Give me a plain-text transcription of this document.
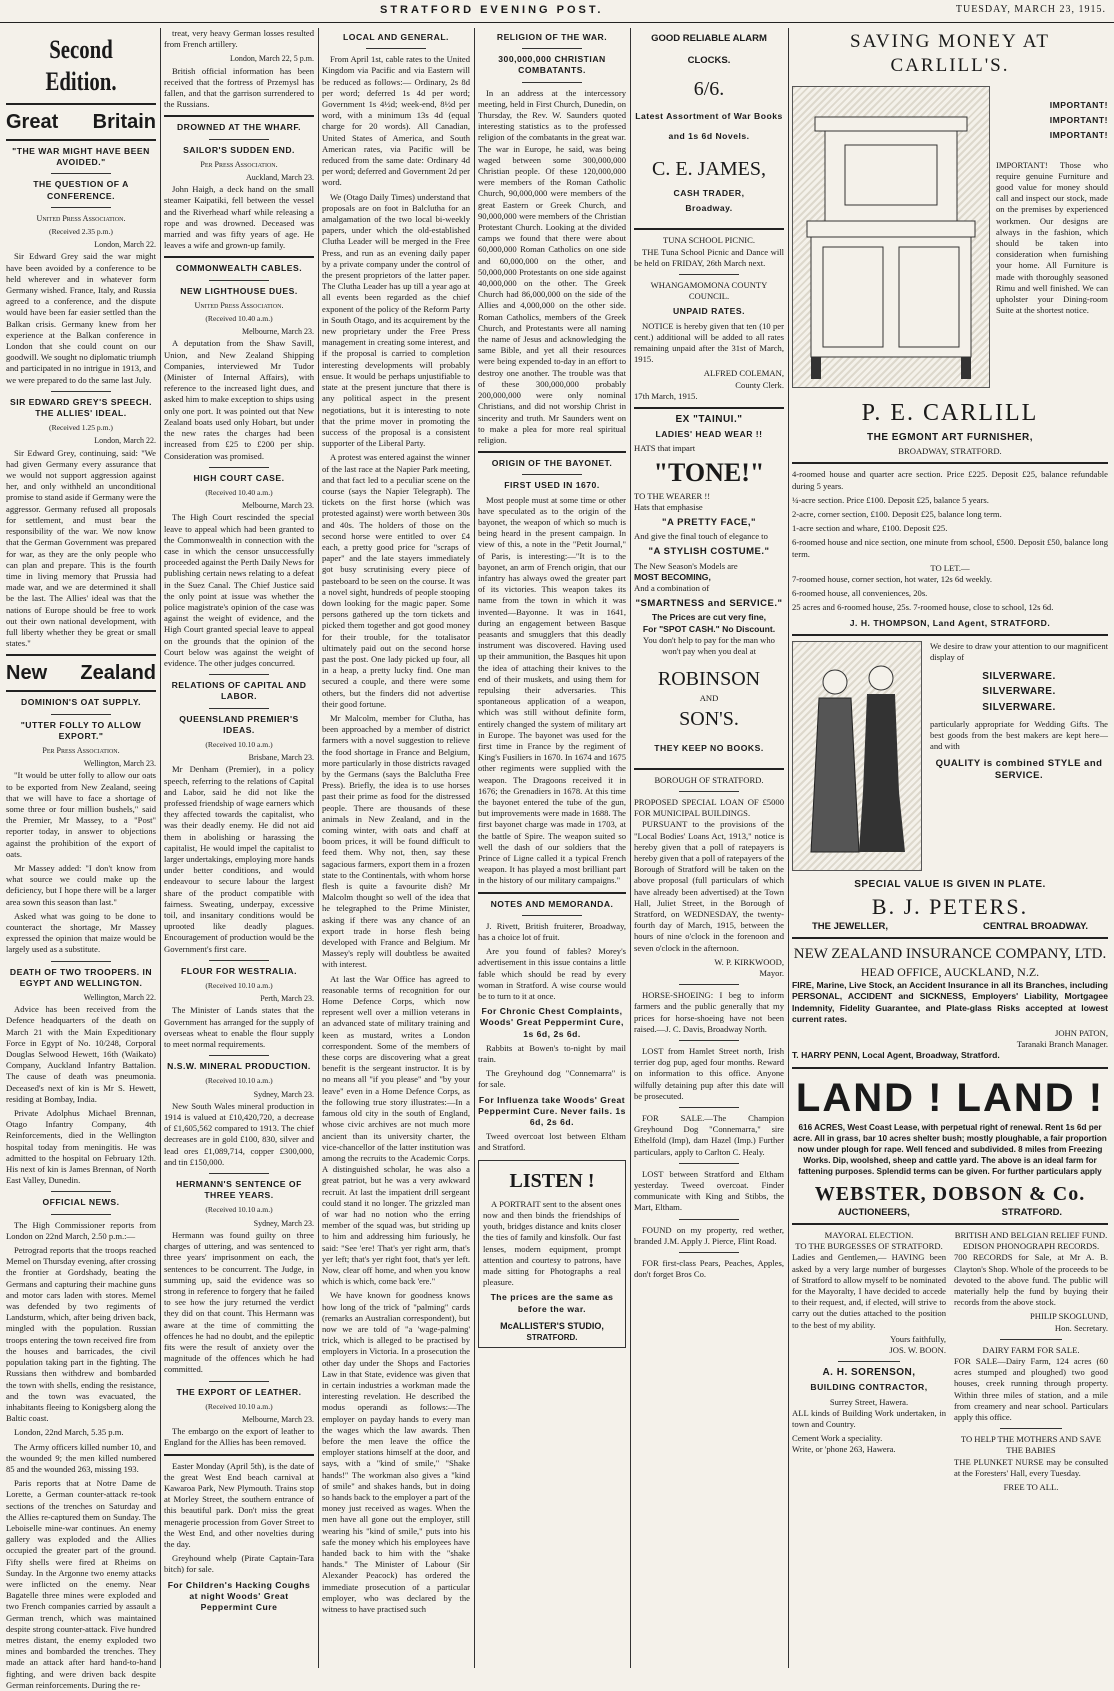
STRATFORD EVENING POST.	TUESDAY, MARCH 23, 1915.
Second Edition.
Great Britain
"THE WAR MIGHT HAVE BEEN AVOIDED."
THE QUESTION OF A CONFERENCE.
United Press Association.
(Received 2.35 p.m.)
London, March 22.

Sir Edward Grey said the war might have been avoided by a conference to be held wherever and in whatever form Germany wished. France, Italy, and Russia agreed to a conference, and the dispute would have been far easier settled than the Balkan crisis. Germany knew from her experience at the Balkan conference in London that she could count on our goodwill. We sought no diplomatic triumph and participated in no intrigue in 1913, and we were prepared to do the same last July.

SIR EDWARD GREY'S SPEECH. THE ALLIES' IDEAL.
(Received 1.25 p.m.)
London, March 22.

Sir Edward Grey, continuing, said: "We had given Germany every assurance that we would not support aggression against her, and only withheld an unconditional promise to stand aside if Germany were the aggressor. Germany refused all proposals for settlement, and must bear the responsibility of the war. We now know that the German Government was prepared for war, as they are the only people who can plan and prepare. This is the fourth time in living memory that Prussia had made war, and we are determined it shall be the last. The Allies' ideal was that the nations of Europe should be free to work out their own national development, with full liberty whether they be great or small states."

New Zealand
DOMINION'S OAT SUPPLY.
"UTTER FOLLY TO ALLOW EXPORT."
Per Press Association.
Wellington, March 23.

"It would be utter folly to allow our oats to be exported from New Zealand, seeing that we will have to face a shortage of some three or four million bushels," said the Premier, Mr Massey, to a "Post" reporter today, in answer to objections against the prohibition of the export of oats.

Mr Massey added: "I don't know from what source we could make up the deficiency, but I hope there will be a larger area sown this season than last."

Asked what was going to be done to counteract the shortage, Mr Massey expressed the opinion that maize would be largely used as a substitute.

DEATH OF TWO TROOPERS. IN EGYPT AND WELLINGTON.
Wellington, March 22.

Advice has been received from the Defence headquarters of the death on March 21 with the Main Expeditionary Force in Egypt of No. 10/248, Corporal Douglas Selwood Hewett, 16th (Waikato) Company, Auckland Infantry Battalion. The cause of death was pneumonia. Deceased's next of kin is Mr S. Hewett, residing at Bombay, India.

Private Adolphus Michael Brennan, Otago Infantry Company, 4th Reinforcements, died in the Wellington hospital today from meningitis. He was admitted to the hospital on February 12th. His next of kin is James Brennan, of North East Valley, Dunedin.

OFFICIAL NEWS.

The High Commissioner reports from London on 22nd March, 2.50 p.m.:—

Petrograd reports that the troops reached Memel on Thursday evening, after crossing the frontier at Gordshady, beating the Germans and capturing their machine guns and motor cars laden with stores. Memel was defended by two regiments of Landsturm, which, after being driven back, mingled with the population. Russian troops entering the town received fire from the houses and barricades, the civil population taking part in the fighting. The Russians then withdrew and bombarded the town with shells, ending the resistance, and the town was evacuated, the inhabitants fleeing to Konigsberg along the Baltic coast.

London, 22nd March, 5.35 p.m.

The Army officers killed number 10, and the wounded 9; the men killed numbered 85 and the wounded 263, missing 193.

Paris reports that at Notre Dame de Lorette, a German counter-attack re-took sections of the trenches on Saturday and the Allies re-captured them on Sunday. The Leboiselle mine-war continues. An enemy gallery was exploded and the Allies occupied the greater part of the ground. Fifty shells were fired at Rheims on Sunday. In the Argonne two enemy attacks were inflicted on the enemy. Near Bagatelle three mines were exploded and two French companies carried by assault a German trench, which was maintained despite strong counter-attack. Five hundred metres distant, the enemy exploded two mines and bombarded the trenches. They made an attack after hard hand-to-hand fighting, and were driven back despite German reinforcements. During the re-

treat, very heavy German losses resulted from French artillery.

London, March 22, 5 p.m.

British official information has been received that the fortress of Przemysl has fallen, and that the garrison surrendered to the Russians.

DROWNED AT THE WHARF.
SAILOR'S SUDDEN END.
Per Press Association.
Auckland, March 23.

John Haigh, a deck hand on the small steamer Kaipatiki, fell between the vessel and the Riverhead wharf while releasing a rope and was drowned. Deceased was married and was fifty years of age. He leaves a wife and grown-up family.

COMMONWEALTH CABLES.
NEW LIGHTHOUSE DUES.
United Press Association.
(Received 10.40 a.m.)
Melbourne, March 23.

A deputation from the Shaw Savill, Union, and New Zealand Shipping Companies, interviewed Mr Tudor (Minister of Internal Affairs), with reference to the increased light dues, and asked him to make exception to ships using only one port. It was pointed out that New Zealand boats used only Hobart, but under the new rates the charges had been increased from £25 to £200 per ship. Consideration was promised.

HIGH COURT CASE.
(Received 10.40 a.m.)
Melbourne, March 23.

The High Court rescinded the special leave to appeal which had been granted to the Commonwealth in connection with the case in which the censor unsuccessfully proceeded against the Perth Daily News for publishing certain news relating to a defeat in the Suez Canal. The Chief Justice said the only point at issue was whether the police magistrate's opinion of the case was against the weight of evidence, and the High Court granted special leave to appeal on the grounds that the opinion of the Court below was against the weight of evidence. The other judges concurred.

RELATIONS OF CAPITAL AND LABOR.
QUEENSLAND PREMIER'S IDEAS.
(Received 10.10 a.m.)
Brisbane, March 23.

Mr Denham (Premier), in a policy speech, referring to the relations of Capital and Labor, said he did not like the professed friendship of wage earners which they affected towards the capitalist, who was their deadly enemy. He did not aid them in abolishing or harassing the capitalist, He would impel the capitalist to larger undertakings, employing more hands under better conditions, and would endeavour to secure labour the largest share of the product compatible with fairness. Sweating, underpay, excessive toil, and insanitary conditions would be uprooted like deadly plagues. Encouragement of production would be the Government's first care.

FLOUR FOR WESTRALIA.
(Received 10.10 a.m.)
Perth, March 23.

The Minister of Lands states that the Government has arranged for the supply of overseas wheat to enable the flour supply to meet normal requirements.

N.S.W. MINERAL PRODUCTION.
(Received 10.10 a.m.)
Sydney, March 23.

New South Wales mineral production in 1914 is valued at £10,420,720, a decrease of £1,605,562 compared to 1913. The chief decreases are in gold £100, 830, silver and lead ores £1,089,714, copper £300,000, and tin £150,000.

HERMANN'S SENTENCE OF THREE YEARS.
(Received 10.10 a.m.)
Sydney, March 23.

Hermann was found guilty on three charges of uttering, and was sentenced to three years' imprisonment on each, the sentences to be concurrent. The Judge, in summing up, said the evidence was so strong in reference to forgery that he failed to see how the jury returned the verdict they did on that count. This Hermann was aware at the time of committing the offences he had no doubt, and the epileptic fits were the result of anxiety over the magnitude of the offences which he had committed.

THE EXPORT OF LEATHER.
(Received 10.10 a.m.)
Melbourne, March 23.

The embargo on the export of leather to England for the Allies has been removed.

Easter Monday (April 5th), is the date of the great West End beach carnival at Kawaroa Park, New Plymouth. Trains stop at Morley Street, the southern entrance of this beautiful park. Don't miss the great menagerie procession from Gover Street to the West End, and other novelties during the day.

Greyhound whelp (Pirate Captain-Tara bitch) for sale.

For Children's Hacking Coughs at night Woods' Great Peppermint Cure
LOCAL AND GENERAL.

From April 1st, cable rates to the United Kingdom via Pacific and via Eastern will be reduced as follows:— Ordinary, 2s 8d per word; deferred 1s 4d per word; Government 1s 4½d; week-end, 8½d per word, with a minimum 13s 4d (equal charge for 20 words). All Canadian, United States of America, and South American rates, via Pacific will be reduced from the same date: Ordinary 4d per word; deferred and Government 2d per word.

We (Otago Daily Times) understand that proposals are on foot in Balclutha for an amalgamation of the two local bi-weekly papers, under which the old-established Clutha Leader will be merged in the Free Press, and run as an evening daily paper by a private company under the control of the present proprietors of the latter paper. The Clutha Leader has up till a year ago at all events been regarded as the chief exponent of the policy of the Reform Party in South Otago, and its acquirement by the new proprietary under the Free Press management in creating some interest, and if the proposal is carried to completion interesting developments will probably ensue. It would be perhaps unjustifiable to state at the present juncture that there is any political aspect in the present negotiations, but it is interesting to note that the prime mover in promoting the success of the proposal is a consistent supporter of the Liberal Party.

A protest was entered against the winner of the last race at the Napier Park meeting, and that fact led to a peculiar scene on the course (says the Napier Telegraph). The tickets on the first horse (which was protested against) were worth between 30s and 40s. The holders of those on the second horse were entitled to over £4 each, a pretty good price for "scraps of paper" and the late stayers immediately got busy scrutinising every piece of pasteboard to be seen on the course. It was a novel sight, hundreds of people stooping down looking for the magic paper. Some persons gathered up the torn tickets and picked them together and got good money for their trouble, for the totalisator ultimately paid out on the second horse past the post. One lady picked up four, all in a heap, a pretty lucky find. One man secured a couple, and there were some others, but the finders did not advertise their good fortune.

Mr Malcolm, member for Clutha, has been approached by a member of district farmers with a novel suggestion to relieve the food shortage in France and Belgium, more particularly in those districts ravaged by the Germans (says the Balclutha Free Press). Briefly, the idea is to use horses past their prime as food for the distressed people. There are thousands of these animals in New Zealand, and in the coming winter, with oats and chaff at boom prices, it will be found difficult to feed them. Why not, then, say these sagacious farmers, export them in a frozen state to the Continentals, with whom horse flesh is quite a favourite dish? Mr Malcolm thought so well of the idea that he telegraphed to the Prime Minister, asking if there was any chance of an export trade in horse flesh being developed with France and Belgium. Mr Massey's reply will doubtless be awaited with interest.

At last the War Office has agreed to reasonable terms of recognition for our Home Defence Corps, which now represent well over a million veterans in an advanced state of military training and keen as mustard, writes a London correspondent. Some of the members of these corps are discovering what a great benefit is the sergeant instructor. It is by no means all "if you please" and "by your leave" even in a Home Defence Corps, as the following true story illustrates:—In a famous old city in the south of England, whose civic archives are not much more ancient than its university charter, the vice-chancellor of the latter institution was among the recruits to the Academic Corps. A distinguished scholar, he was also a great patriot, but he was a very awkward recruit. At last the impatient drill sergeant could stand it no longer. The grizzled man of war had no notion who the erring member of the squad was, but striding up to him and addressing him furiously, he said: "See 'ere! That's yer right arm, that's yer left; that's yer right foot, that's yer left. Now, clear off home, and when you know which is which, come back 'ere."

We have known for goodness knows how long of the trick of "palming" cards (remarks an Australian correspondent), but now we are told of "a 'wage-palming' trick, which is alleged to be practised by employers in Victoria. In a prosecution the other day under the Shops and Factories Law in that State, evidence was given that in certain industries a workman made the interesting revelation. He described the modus operandi as follows:—The employer on payday hands to every man the wages which the law awards. Then before the men leave the office the employer stations himself at the door, and says, with a "kind of smile," "Shake hands!" The workman also gives a "kind of smile" and shakes hands, but in doing so hands back to the employer a part of the money just received as wages. When the men have all gone out the employer, still wearing his "kind of smile," puts into his safe the money which his employees have handed back to him with the "shake hands." The Minister of Labour (Sir Alexander Peacock) has ordered the immediate prosecution of a particular employer, who was declared by the witness to have practised such

RELIGION OF THE WAR.
300,000,000 CHRISTIAN COMBATANTS.

In an address at the intercessory meeting, held in First Church, Dunedin, on Thursday, the Rev. W. Saunders quoted interesting statistics as to the professed religion of the combatants in the great war. The war in Europe, he said, was being waged between some 300,000,000 Christian people. Of these 120,000,000 were members of the Roman Catholic Church, 90,000,000 were members of the great Eastern or Greek Church, and 90,000,000 were members of the Christian Protestant Church. Looking at the divided camps we found that there were about 60,000,000 Roman Catholics on one side and 60,000,000 on the other, and 50,000,000 Protestants on one side against 40,000,000 on the other. The Greek Church had 86,000,000 on the side of the Allies and 4,000,000 on the other side. Roman Catholics, members of the Greek Church, and Protestants were all naming the name of Jesus and acknowledging the same Bible, and yet all their resources were being expended to-day in an effort to destroy one another. The trouble was that of these 300,000,000 probably 200,000,000 were only nominal Christians, and did not worship Christ in sincerity and truth. Mr Saunders went on to make a plea for more real spiritual religion.

ORIGIN OF THE BAYONET.
FIRST USED IN 1670.

Most people must at some time or other have speculated as to the origin of the bayonet, the weapon of which so much is being heard in the present campaign. In view of this, a note in the "Petit Journal," of Paris, is interesting:—"It is to the bayonet, an arm of French origin, that our infantry has always owed the greater part of its victories. This weapon takes its name from the town in which it was invented—Bayonne. It was in 1641, during an engagement between Basque peasants and smugglers that this deadly instrument was discovered. Having used up their ammunition, the Basques hit upon the idea of attaching their knives to the end of their muskets, and using them for repulsing their adversaries. This spontaneous application of a weapon, which was still without definite form, entirely changed the system of military art in Europe. The bayonet was used for the first time in France by the regiment of King's Fusiliers in 1670. In 1674 and 1675 other regiments were supplied with the weapon. The Dragoons received it in 1676; the Grenadiers in 1678. At this time the bayonet entered the tube of the gun, but improvements were made in 1688. The first bayonet charge was made in 1703, at the battle of Spire. The weapon suited so well the dash of our soldiers that the Prince of Ligne called it a typical French weapon. It has played a most brilliant part in the history of our military campaigns."

NOTES AND MEMORANDA.

J. Rivett, British fruiterer, Broadway, has a choice lot of fruit.

Are you found of fables? Morey's advertisement in this issue contains a little fable which should be read by every woman in Stratford. A wise course would be to turn to it at once.

For Chronic Chest Complaints, Woods' Great Peppermint Cure, 1s 6d, 2s 6d.

Rabbits at Bowen's to-night by mail train.

The Greyhound dog "Connemarra" is for sale.

For Influenza take Woods' Great Peppermint Cure. Never fails. 1s 6d, 2s 6d.

Tweed overcoat lost between Eltham and Stratford.

LISTEN !

A PORTRAIT sent to the absent ones now and then binds the friendships of youth, bridges distance and knits closer the ties of family and kinsfolk. Our fast lenses, modern equipment, prompt attention and courtesy to patrons, have made sitting for Photographs a real pleasure.

The prices are the same as before the war.
McALLISTER'S STUDIO,
STRATFORD.
GOOD RELIABLE ALARM CLOCKS.
6/6.
Latest Assortment of War Books and 1s 6d Novels.
C. E. JAMES,
CASH TRADER,
Broadway.
TUNA SCHOOL PICNIC.

THE Tuna School Picnic and Dance will be held on FRIDAY, 26th March next.

WHANGAMOMONA COUNTY COUNCIL.
UNPAID RATES.

NOTICE is hereby given that ten (10 per cent.) additional will be added to all rates remaining unpaid after the 31st of March, 1915.

ALFRED COLEMAN,
County Clerk.
17th March, 1915.
EX "TAINUI."
LADIES' HEAD WEAR !!
HATS that impart
"TONE!"
TO THE WEARER !!
Hats that emphasise
"A PRETTY FACE,"
And give the final touch of elegance to
"A STYLISH COSTUME."
The New Season's Models are
MOST BECOMING,
And a combination of
"SMARTNESS and SERVICE."
The Prices are cut very fine,
For "SPOT CASH." No Discount.
You don't help to pay for the man who won't pay when you deal at
ROBINSON
AND
SON'S.
THEY KEEP NO BOOKS.
BOROUGH OF STRATFORD.
PROPOSED SPECIAL LOAN OF £5000 FOR MUNICIPAL BUILDINGS.

PURSUANT to the provisions of the "Local Bodies' Loans Act, 1913," notice is hereby given that a poll of ratepayers is hereby given that a poll of ratepayers of the Borough of Stratford will be taken on the above proposal (full particulars of which have already been advertised) at the Town Hall, Juliet Street, in the Borough of Stratford, on WEDNESDAY, the twenty-fourth day of March, 1915, between the hours of nine o'clock in the forenoon and seven o'clock in the afternoon.

W. P. KIRKWOOD,
Mayor.

HORSE-SHOEING: I beg to inform farmers and the public generally that my prices for horse-shoeing have not been raised.—J. C. Davis, Broadway North.

LOST from Hamlet Street north, Irish terrier dog pup, aged four months. Reward on information to this office. Anyone wilfully detaining pup after this date will be prosecuted.

FOR SALE.—The Champion Greyhound Dog "Connemarra," sire Ethelfold (Imp), dam Hazel (Imp.) Further particulars, apply to Carlton C. Healy.

LOST between Stratford and Eltham yesterday. Tweed overcoat. Finder communicate with King and Stibbs, the Mart, Eltham.

FOUND on my property, red wether, branded J.M. Apply J. Pierce, Flint Road.

FOR first-class Pears, Peaches, Apples, don't forget Bros Co.

SAVING MONEY AT CARLILL'S.
IMPORTANT!
IMPORTANT!
IMPORTANT!

IMPORTANT! Those who require genuine Furniture and good value for money should call and inspect our stock, made on the premises by experienced workmen. Our designs are always in the fashion, which should be taken into consideration when furnishing your home. All Furniture is made with thoroughly seasoned Rimu and well finished. We can upholster your Dining-room Suite at the shortest notice.

P. E. CARLILL
THE EGMONT ART FURNISHER,
BROADWAY, STRATFORD.

4-roomed house and quarter acre section. Price £225. Deposit £25, balance refundable during 5 years.

¼-acre section. Price £100. Deposit £25, balance 5 years.

2-acre, corner section, £100. Deposit £25, balance long term.

1-acre section and whare, £100. Deposit £25.

6-roomed house and nice section, one minute from school, £500. Deposit £50, balance long term.

TO LET.—

7-roomed house, corner section, hot water, 12s 6d weekly.

6-roomed house, all conveniences, 20s.

25 acres and 6-roomed house, 25s. 7-roomed house, close to school, 12s 6d.

J. H. THOMPSON, Land Agent, STRATFORD.

We desire to draw your attention to our magnificent display of

SILVERWARE.
SILVERWARE.
SILVERWARE.

particularly appropriate for Wedding Gifts. The best goods from the best makers are kept here—and with

QUALITY is combined STYLE and SERVICE.
SPECIAL VALUE IS GIVEN IN PLATE.
B. J. PETERS.
THE JEWELLER,	CENTRAL BROADWAY.
NEW ZEALAND INSURANCE COMPANY, LTD.
HEAD OFFICE, AUCKLAND, N.Z.

FIRE, Marine, Live Stock, an Accident Insurance in all its Branches, including PERSONAL, ACCIDENT and SICKNESS, Employers' Liability, Mortgagee Indemnity, Fidelity Guarantee, and Plate-glass Risks accepted at lowest current rates.

JOHN PATON,
Taranaki Branch Manager.
T. HARRY PENN, Local Agent, Broadway, Stratford.
LAND ! LAND !

616 ACRES, West Coast Lease, with perpetual right of renewal. Rent 1s 6d per acre. All in grass, bar 10 acres shelter bush; mostly ploughable, a fair proportion now under plough for rape. Well fenced and subdivided. 8 miles from Freezing Works. Dip, woolshed, sheep and cattle yard. The above is an ideal farm for fattening purposes. Splendid terms can be given. For further particulars apply

WEBSTER, DOBSON & Co.
AUCTIONEERS,	STRATFORD.
MAYORAL ELECTION.
TO THE BURGESSES OF STRATFORD.

Ladies and Gentlemen,— HAVING been asked by a very large number of burgesses of Stratford to allow myself to be nominated for the Mayoralty, I have decided to accede to their request, and, if elected, will strive to carry out the duties attached to the position to the best of my ability.

Yours faithfully,
JOS. W. BOON.
A. H. SORENSON,
BUILDING CONTRACTOR,
Surrey Street, Hawera.

ALL kinds of Building Work undertaken, in town and Country.

Cement Work a speciality.
Write, or 'phone 263, Hawera.
BRITISH AND BELGIAN RELIEF FUND.
EDISON PHONOGRAPH RECORDS.

700 RECORDS for Sale, at Mr A. B. Clayton's Shop. Whole of the proceeds to be devoted to the above fund. The public will materially help the fund by buying their records from the above stock.

PHILIP SKOGLUND,
Hon. Secretary.
DAIRY FARM FOR SALE.

FOR SALE—Dairy Farm, 124 acres (60 acres stumped and ploughed) two good houses, creek running through property. Within three miles of station, and a mile from creamery and near school. Particulars apply this office.

TO HELP THE MOTHERS AND SAVE THE BABIES

THE PLUNKET NURSE may be consulted at the Foresters' Hall, every Tuesday.

FREE TO ALL.
